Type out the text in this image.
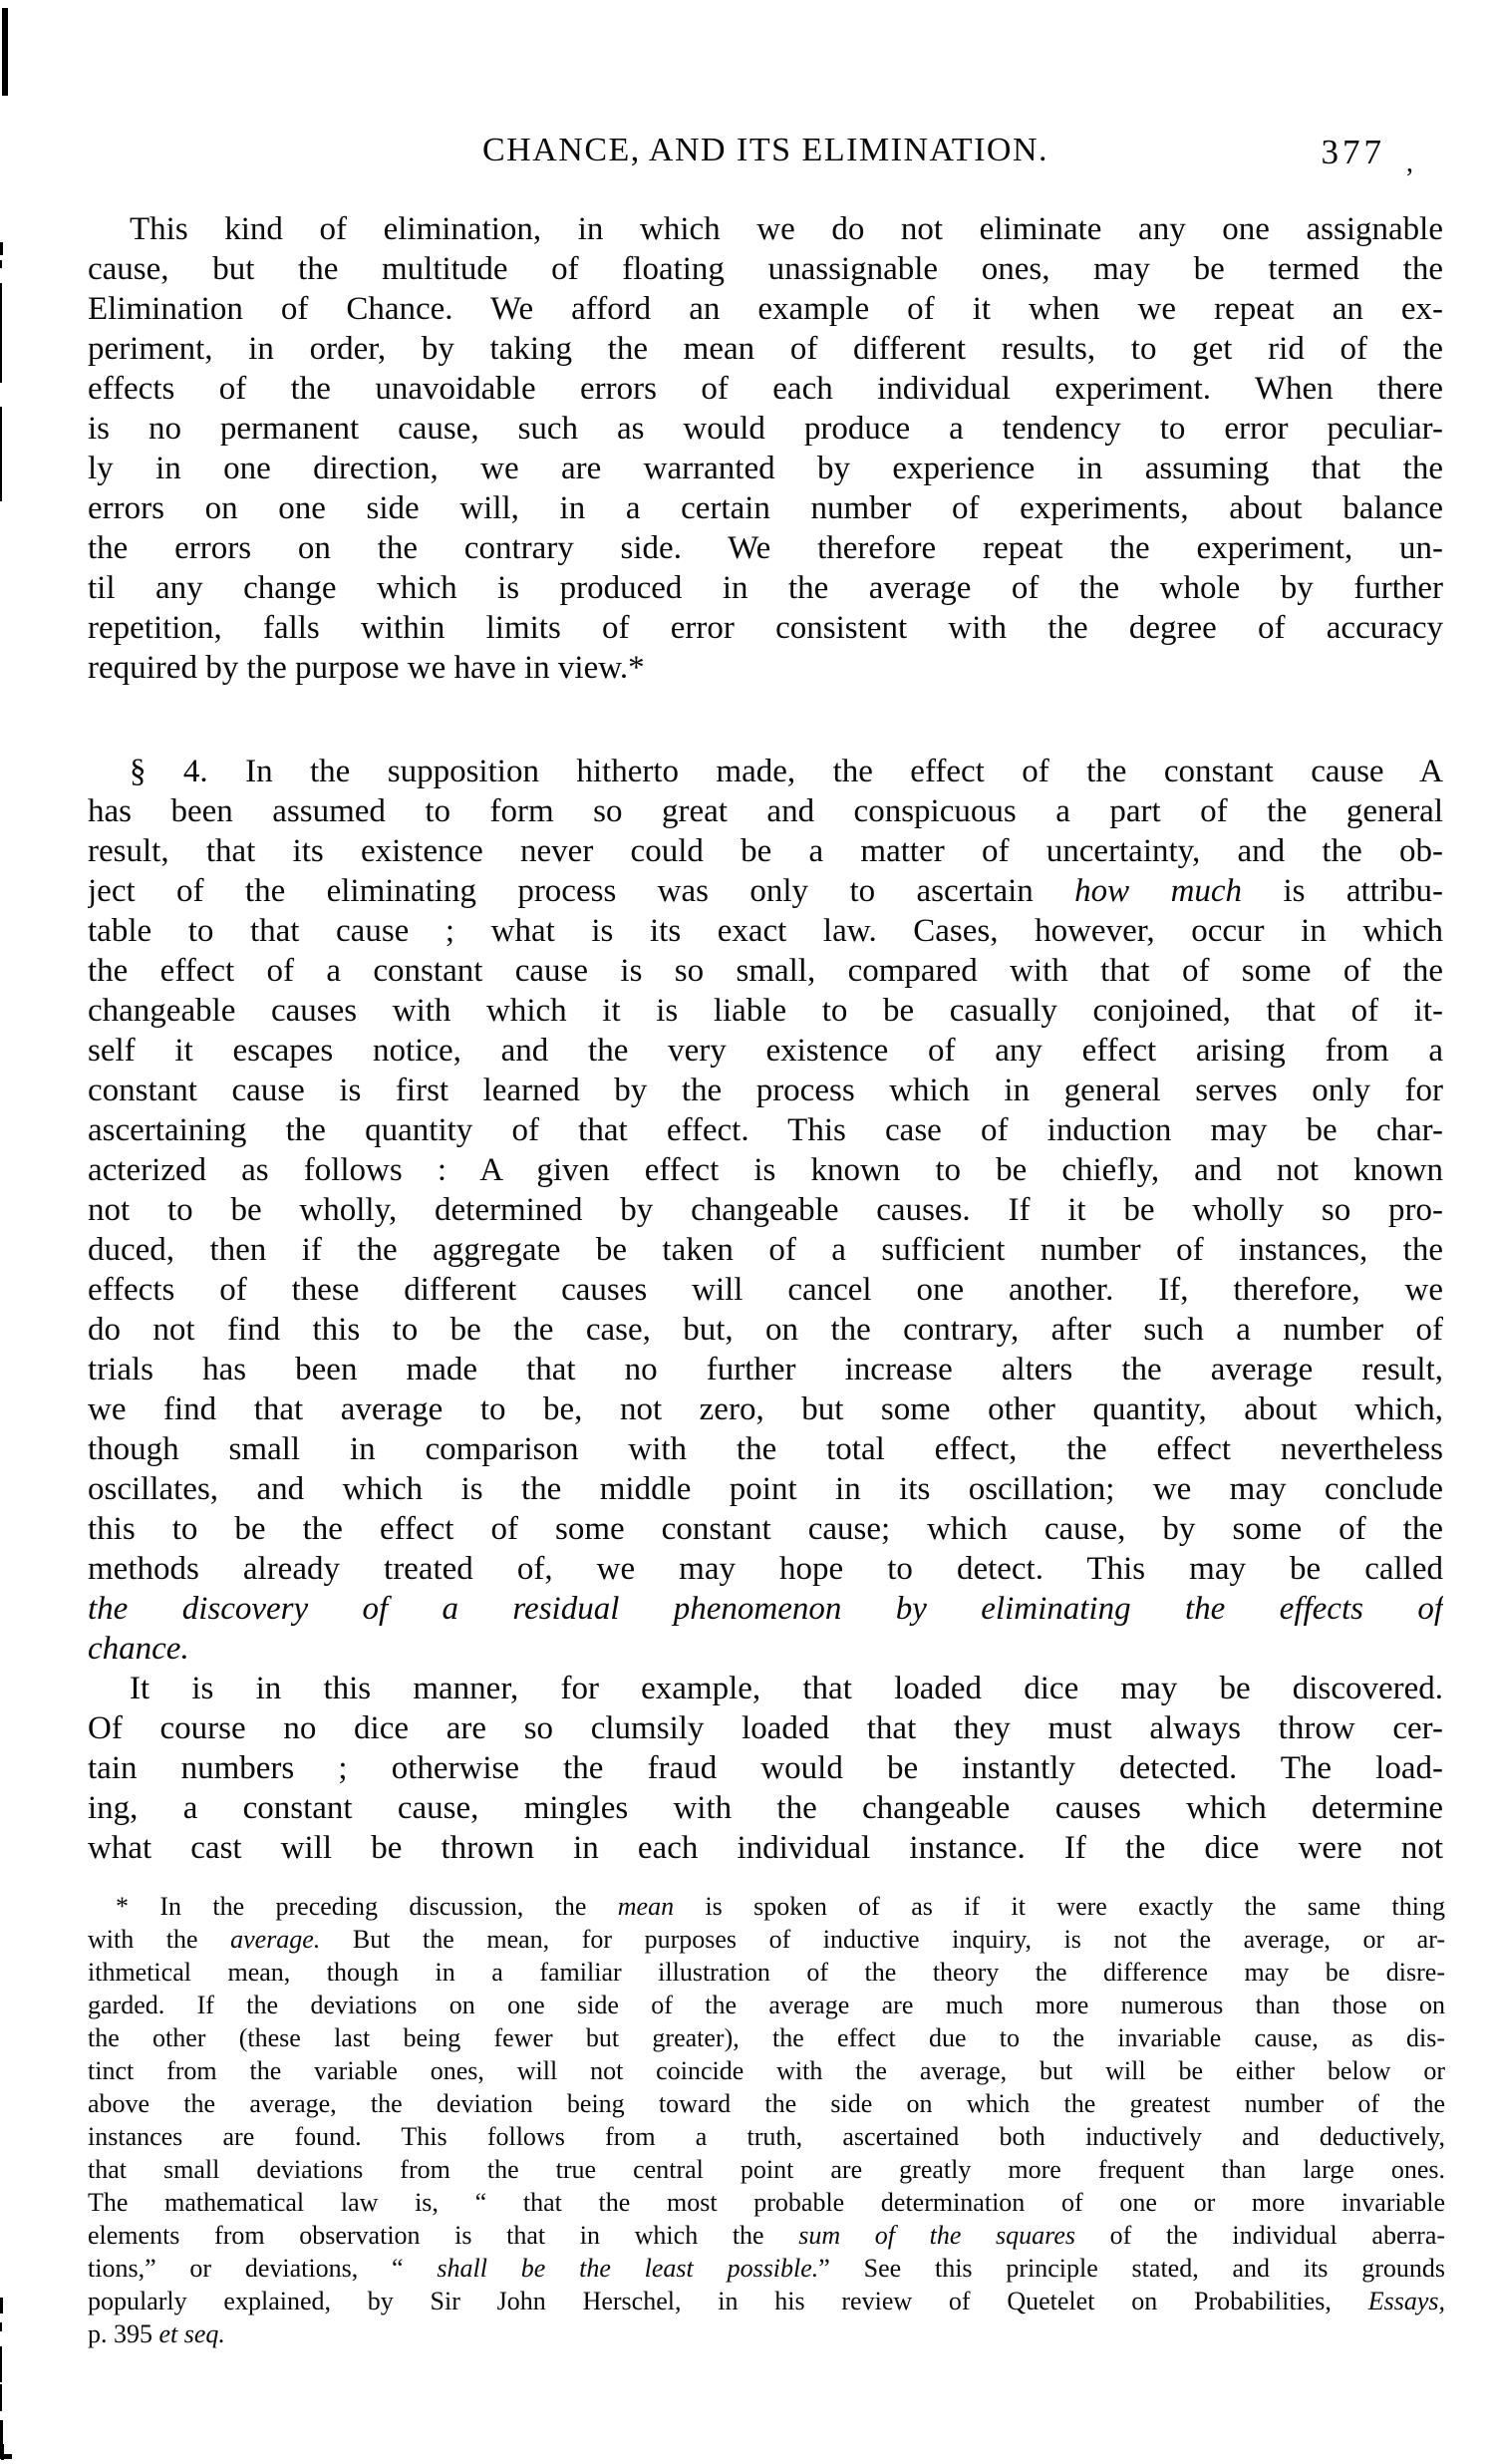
CHANCE, AND ITS ELIMINATION.	377 ,
This kind of elimination, in which we do not eliminate any one assignable
cause, but the multitude of floating unassignable ones, may be termed the
Elimination of Chance. We afford an example of it when we repeat an ex-
periment, in order, by taking the mean of different results, to get rid of the
effects of the unavoidable errors of each individual experiment. When there
is no permanent cause, such as would produce a tendency to error peculiar-
ly in one direction, we are warranted by experience in assuming that the
errors on one side will, in a certain number of experiments, about balance
the errors on the contrary side. We therefore repeat the experiment, un-
til any change which is produced in the average of the whole by further
repetition, falls within limits of error consistent with the degree of accuracy
required by the purpose we have in view.*
§ 4. In the supposition hitherto made, the effect of the constant cause A
has been assumed to form so great and conspicuous a part of the general
result, that its existence never could be a matter of uncertainty, and the ob-
ject of the eliminating process was only to ascertain how much is attribu-
table to that cause ; what is its exact law. Cases, however, occur in which
the effect of a constant cause is so small, compared with that of some of the
changeable causes with which it is liable to be casually conjoined, that of it-
self it escapes notice, and the very existence of any effect arising from a
constant cause is first learned by the process which in general serves only for
ascertaining the quantity of that effect. This case of induction may be char-
acterized as follows : A given effect is known to be chiefly, and not known
not to be wholly, determined by changeable causes. If it be wholly so pro-
duced, then if the aggregate be taken of a sufficient number of instances, the
effects of these different causes will cancel one another. If, therefore, we
do not find this to be the case, but, on the contrary, after such a number of
trials has been made that no further increase alters the average result,
we find that average to be, not zero, but some other quantity, about which,
though small in comparison with the total effect, the effect nevertheless
oscillates, and which is the middle point in its oscillation; we may conclude
this to be the effect of some constant cause; which cause, by some of the
methods already treated of, we may hope to detect. This may be called
the discovery of a residual phenomenon by eliminating the effects of
chance.
It is in this manner, for example, that loaded dice may be discovered.
Of course no dice are so clumsily loaded that they must always throw cer-
tain numbers ; otherwise the fraud would be instantly detected. The load-
ing, a constant cause, mingles with the changeable causes which determine
what cast will be thrown in each individual instance. If the dice were not
* In the preceding discussion, the mean is spoken of as if it were exactly the same thing
with the average. But the mean, for purposes of inductive inquiry, is not the average, or ar-
ithmetical mean, though in a familiar illustration of the theory the difference may be disre-
garded. If the deviations on one side of the average are much more numerous than those on
the other (these last being fewer but greater), the effect due to the invariable cause, as dis-
tinct from the variable ones, will not coincide with the average, but will be either below or
above the average, the deviation being toward the side on which the greatest number of the
instances are found. This follows from a truth, ascertained both inductively and deductively,
that small deviations from the true central point are greatly more frequent than large ones.
The mathematical law is, “ that the most probable determination of one or more invariable
elements from observation is that in which the sum of the squares of the individual aberra-
tions,” or deviations, “ shall be the least possible.” See this principle stated, and its grounds
popularly explained, by Sir John Herschel, in his review of Quetelet on Probabilities, Essays,
p. 395 et seq.
